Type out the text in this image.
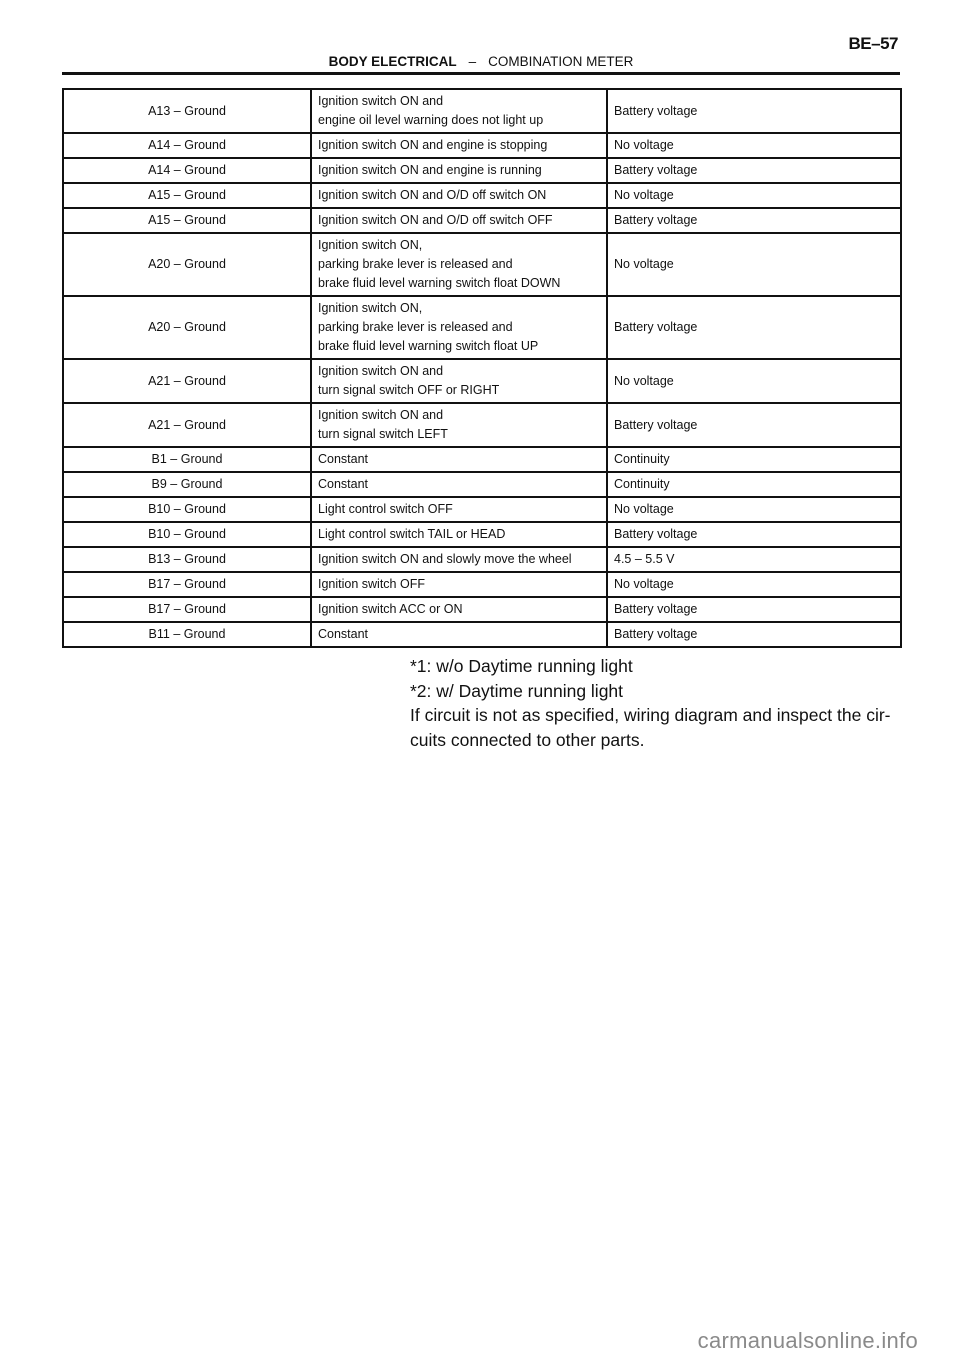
BE–57
BODY ELECTRICAL – COMBINATION METER
A13 – Ground	Ignition switch ON and
engine oil level warning does not light up	Battery voltage
A14 – Ground	Ignition switch ON and engine is stopping	No voltage
A14 – Ground	Ignition switch ON and engine is running	Battery voltage
A15 – Ground	Ignition switch ON and O/D off switch ON	No voltage
A15 – Ground	Ignition switch ON and O/D off switch OFF	Battery voltage
A20 – Ground	Ignition switch ON,
parking brake lever is released and
brake fluid level warning switch float DOWN	No voltage
A20 – Ground	Ignition switch ON,
parking brake lever is released and
brake fluid level warning switch float UP	Battery voltage
A21 – Ground	Ignition switch ON and
turn signal switch OFF or RIGHT	No voltage
A21 – Ground	Ignition switch ON and
turn signal switch LEFT	Battery voltage
B1 – Ground	Constant	Continuity
B9 – Ground	Constant	Continuity
B10 – Ground	Light control switch OFF	No voltage
B10 – Ground	Light control switch TAIL or HEAD	Battery voltage
B13 – Ground	Ignition switch ON and slowly move the wheel	4.5 – 5.5 V
B17 – Ground	Ignition switch OFF	No voltage
B17 – Ground	Ignition switch ACC or ON	Battery voltage
B11 – Ground	Constant	Battery voltage
*1: w/o Daytime running light
*2: w/ Daytime running light
If circuit is not as specified, wiring diagram and inspect the cir-
cuits connected to other parts.
carmanualsonline.info
